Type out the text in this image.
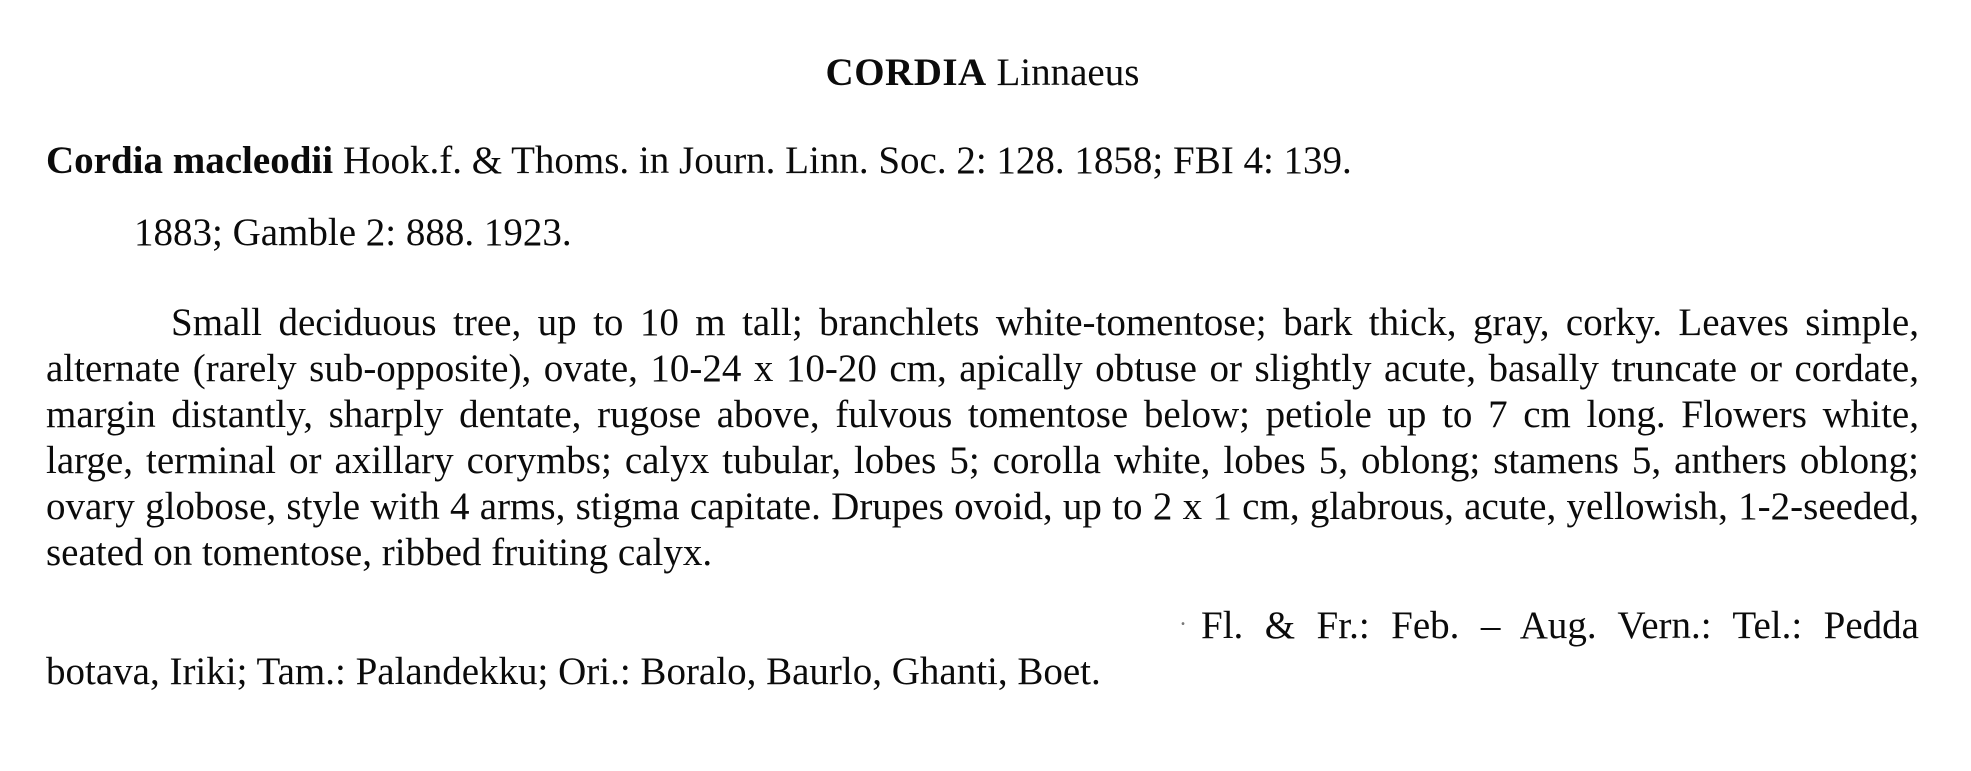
CORDIA Linnaeus

Cordia macleodii Hook.f. & Thoms. in Journ. Linn. Soc. 2: 128. 1858; FBI 4: 139.

1883; Gamble 2: 888. 1923.

Small deciduous tree, up to 10 m tall; branchlets white-tomentose; bark thick, gray, corky. Leaves simple, alternate (rarely sub-opposite), ovate, 10-24 x 10-20 cm, apically obtuse or slightly acute, basally truncate or cordate, margin distantly, sharply dentate, rugose above, fulvous tomentose below; petiole up to 7 cm long. Flowers white, large, terminal or axillary corymbs; calyx tubular, lobes 5; corolla white, lobes 5, oblong; stamens 5, anthers oblong; ovary globose, style with 4 arms, stigma capitate. Drupes ovoid, up to 2 x 1 cm, glabrous, acute, yellowish, 1-2-seeded, seated on tomentose, ribbed fruiting calyx.

Fl. & Fr.: Feb. – Aug. Vern.: Tel.: Pedda botava, Iriki; Tam.: Palandekku; Ori.: Boralo, Baurlo, Ghanti, Boet.

.
